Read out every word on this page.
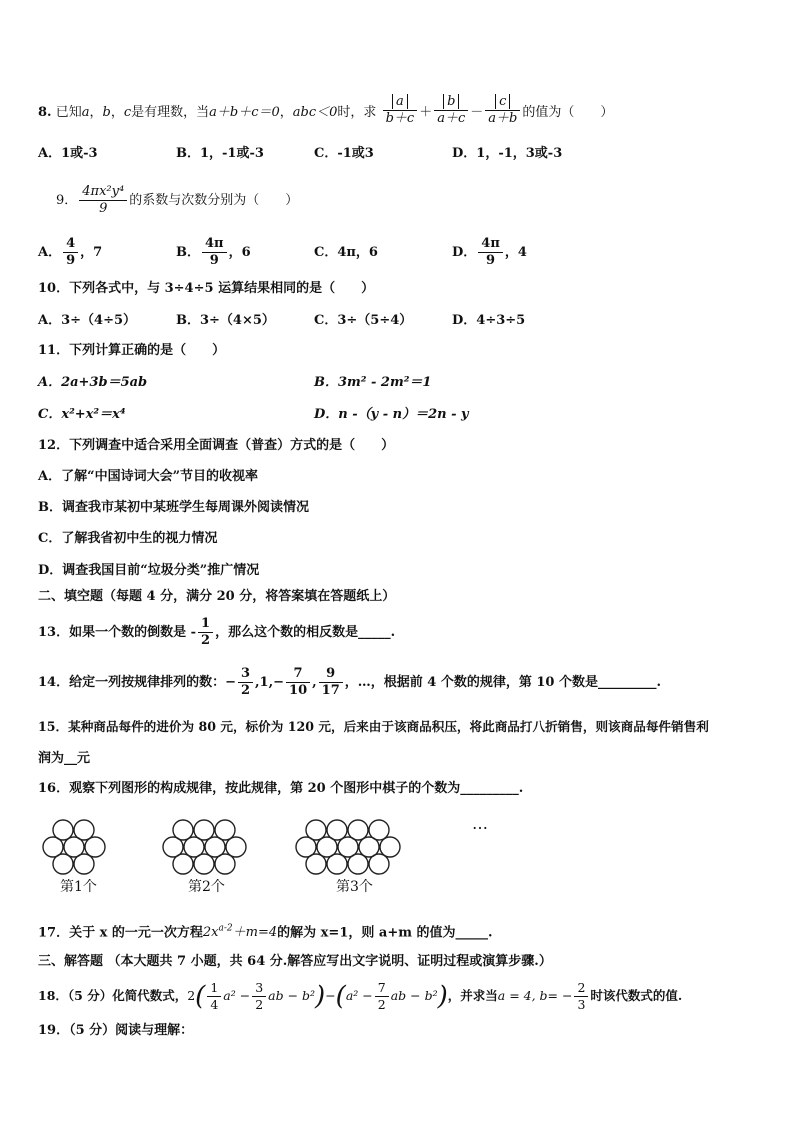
8. 已知a，b，c是有理数，当a＋b＋c＝0，abc＜0时，求 $\frac{a}{b+c} + \frac{b}{a+c} - \frac{c}{a+b}$ 的值为（　　）
A．1或-3	B．1，-1或-3	C．-1或3	D．1，-1，3或-3
9． $\frac{\text{4πx²y⁴}}{9}$ 的系数与次数分别为（　　）
A． $\frac{4}{9}$ ，7	B． $\frac{4\pi}{9}$ ，6	C．4π，6	D． $\frac{4\pi}{9}$ ，4
10．下列各式中，与 3÷4÷5 运算结果相同的是（　　）
A．3÷（4÷5）	B．3÷（4×5）	C．3÷（5÷4）	D．4÷3÷5
11．下列计算正确的是（　　）
A．2a+3b＝5ab	B．3m² - 2m²＝1
C．x²+x²＝x⁴	D．n -（y - n）＝2n - y
12．下列调查中适合采用全面调查（普查）方式的是（　　）
A．了解“中国诗词大会”节目的收视率
B．调查我市某初中某班学生每周课外阅读情况
C．了解我省初中生的视力情况
D．调查我国目前“垃圾分类”推广情况
二、填空题（每题 4 分，满分 20 分，将答案填在答题纸上）
13．如果一个数的倒数是 - $\frac{1}{2}$ ，那么这个数的相反数是_____.
14．给定一列按规律排列的数：− $\frac{3}{2} ,1,- \frac{7}{10}$ , $\frac{9}{17}$ ，…，根据前 4 个数的规律，第 10 个数是_________.
15．某种商品每件的进价为 80 元，标价为 120 元，后来由于该商品积压，将此商品打八折销售，则该商品每件销售利
润为__元
16．观察下列图形的构成规律，按此规律，第 20 个图形中棋子的个数为_________.
…
第1个	第2个	第3个
17．关于 x 的一元一次方程$2x^{a-2}+m=4$的解为 x=1，则 a+m 的值为_____.
三、解答题 （本大题共 7 小题，共 64 分.解答应写出文字说明、证明过程或演算步骤.）
18．（5 分）化简代数式，$2( \frac{1}{4} a^2 - \frac{3}{2}$ ab − $b^2)-(a^2 - \frac{7}{2}$ ab − b²)，并求当a = 4, $b= - \frac{2}{3}$ 时该代数式的值.
19．（5 分）阅读与理解：
